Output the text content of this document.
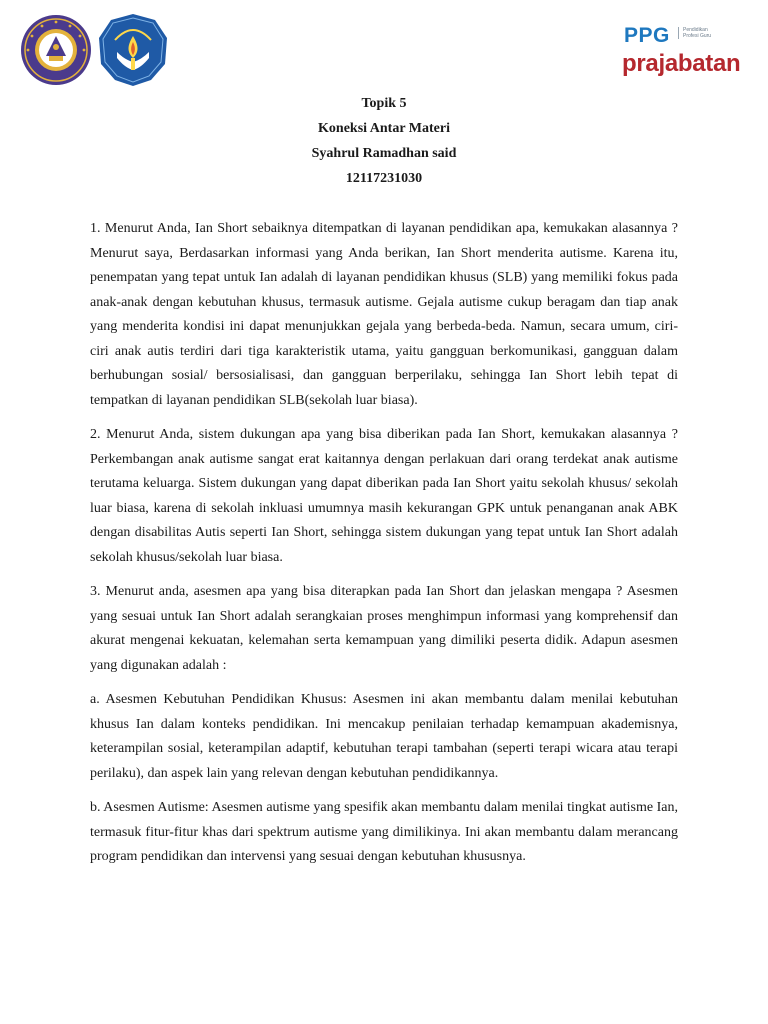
PPG	Pendidikan Profesi Guru
prajabatan
Topik 5
Koneksi Antar Materi
Syahrul Ramadhan said
12117231030

1. Menurut Anda, Ian Short sebaiknya ditempatkan di layanan pendidikan apa, kemukakan alasannya ? Menurut saya, Berdasarkan informasi yang Anda berikan, Ian Short menderita autisme. Karena itu, penempatan yang tepat untuk Ian adalah di layanan pendidikan khusus (SLB) yang memiliki fokus pada anak-anak dengan kebutuhan khusus, termasuk autisme. Gejala autisme cukup beragam dan tiap anak yang menderita kondisi ini dapat menunjukkan gejala yang berbeda-beda. Namun, secara umum, ciri-ciri anak autis terdiri dari tiga karakteristik utama, yaitu gangguan berkomunikasi, gangguan dalam berhubungan sosial/ bersosialisasi, dan gangguan berperilaku, sehingga Ian Short lebih tepat di tempatkan di layanan pendidikan SLB(sekolah luar biasa).

2. Menurut Anda, sistem dukungan apa yang bisa diberikan pada Ian Short, kemukakan alasannya ? Perkembangan anak autisme sangat erat kaitannya dengan perlakuan dari orang terdekat anak autisme terutama keluarga. Sistem dukungan yang dapat diberikan pada Ian Short yaitu sekolah khusus/ sekolah luar biasa, karena di sekolah inkluasi umumnya masih kekurangan GPK untuk penanganan anak ABK dengan disabilitas Autis seperti Ian Short, sehingga sistem dukungan yang tepat untuk Ian Short adalah sekolah khusus/sekolah luar biasa.

3. Menurut anda, asesmen apa yang bisa diterapkan pada Ian Short dan jelaskan mengapa ? Asesmen yang sesuai untuk Ian Short adalah serangkaian proses menghimpun informasi yang komprehensif dan akurat mengenai kekuatan, kelemahan serta kemampuan yang dimiliki peserta didik. Adapun asesmen yang digunakan adalah :

a. Asesmen Kebutuhan Pendidikan Khusus: Asesmen ini akan membantu dalam menilai kebutuhan khusus Ian dalam konteks pendidikan. Ini mencakup penilaian terhadap kemampuan akademisnya, keterampilan sosial, keterampilan adaptif, kebutuhan terapi tambahan (seperti terapi wicara atau terapi perilaku), dan aspek lain yang relevan dengan kebutuhan pendidikannya.

b. Asesmen Autisme: Asesmen autisme yang spesifik akan membantu dalam menilai tingkat autisme Ian, termasuk fitur-fitur khas dari spektrum autisme yang dimilikinya. Ini akan membantu dalam merancang program pendidikan dan intervensi yang sesuai dengan kebutuhan khususnya.
